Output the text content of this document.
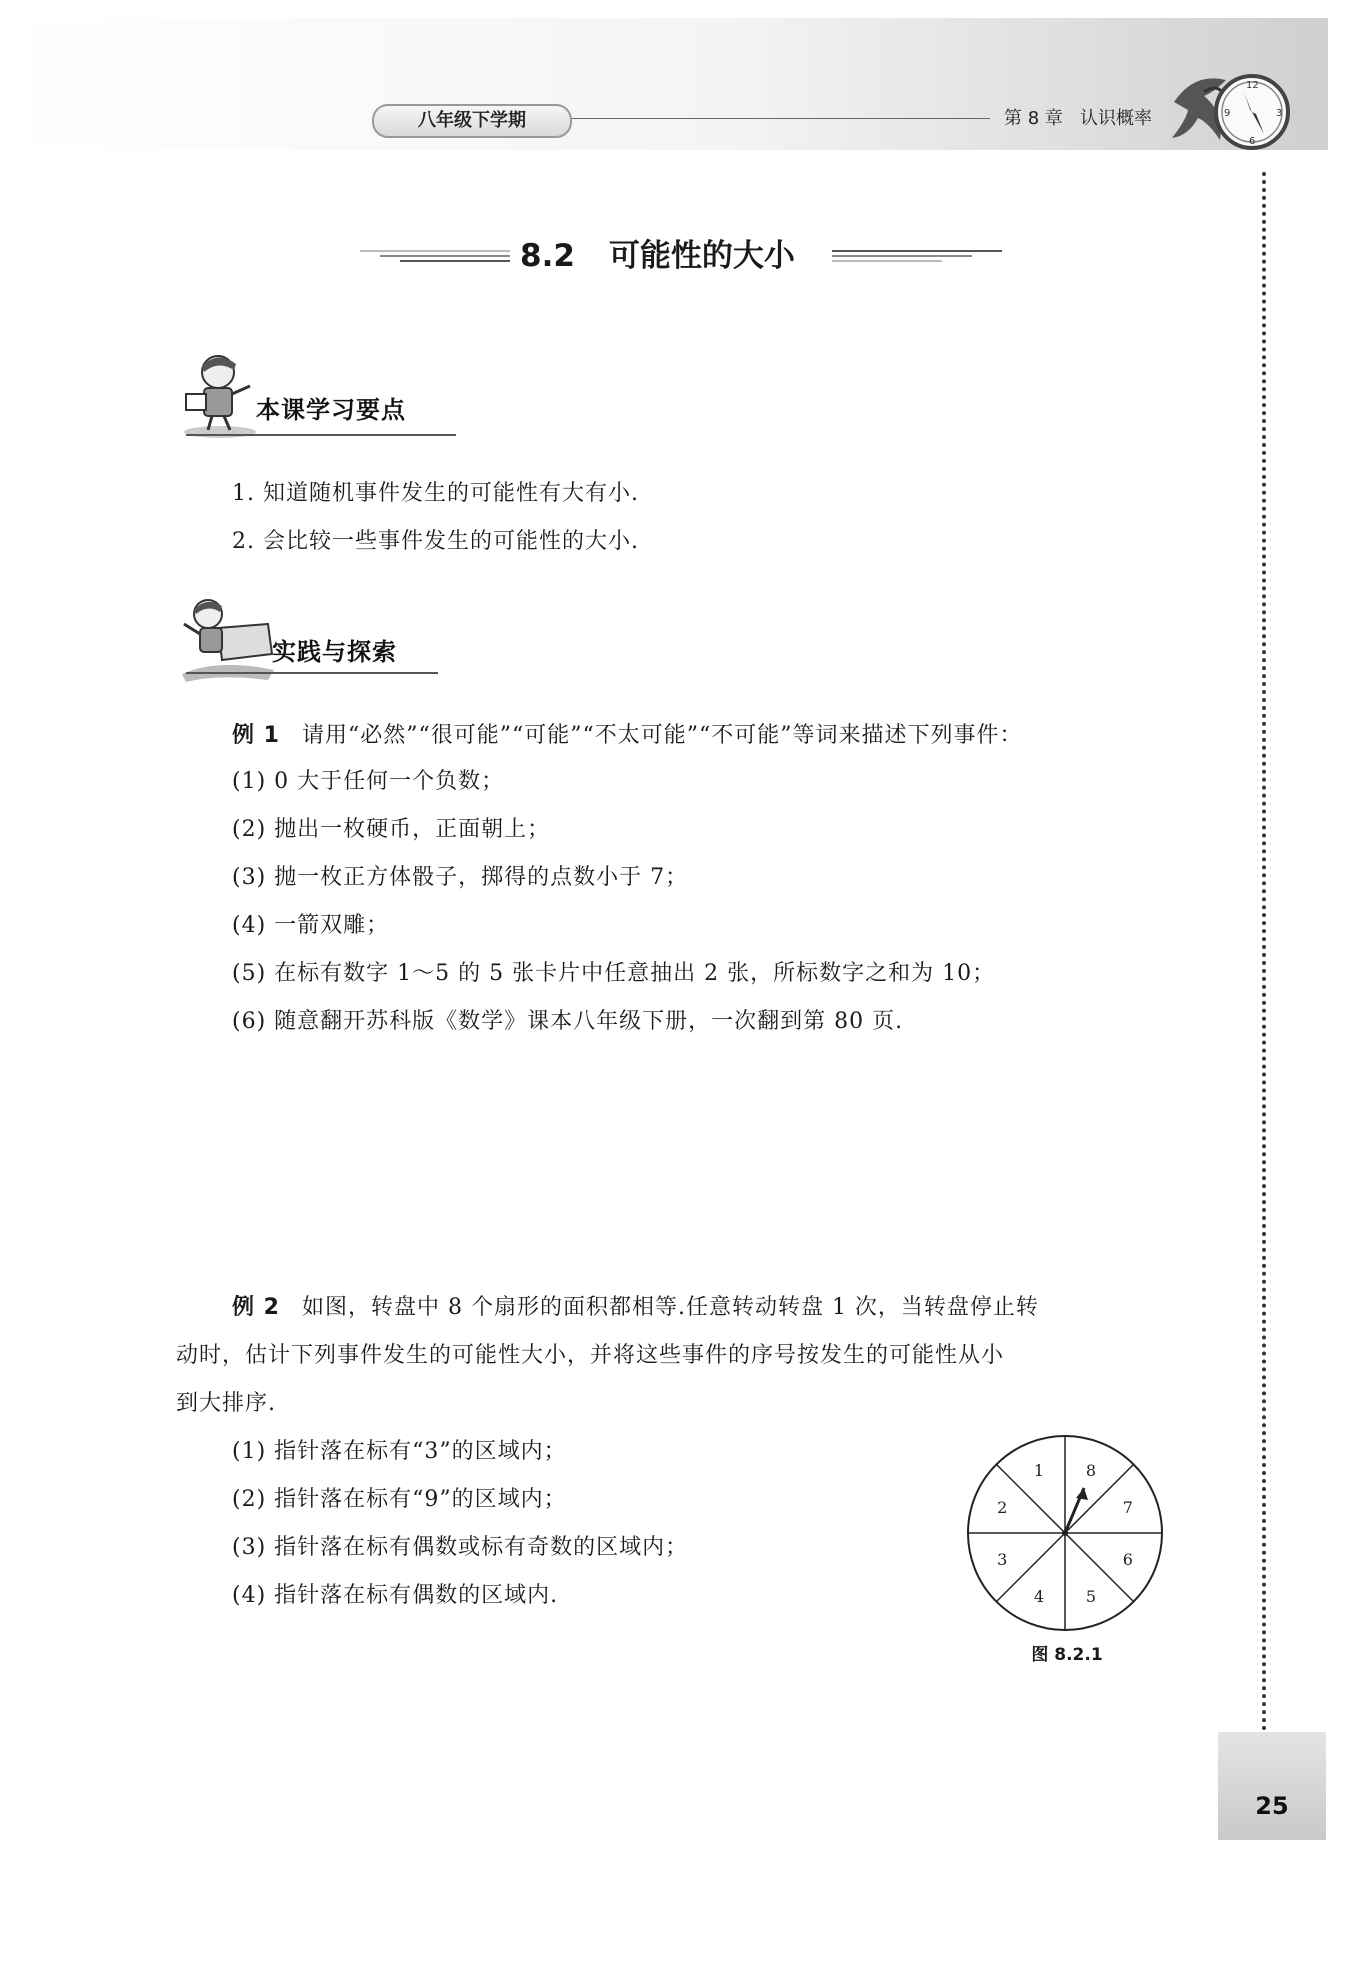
八年级下学期	第 8 章 认识概率
12
3
6
9
8.2 可能性的大小
本课学习要点
1. 知道随机事件发生的可能性有大有小.
2. 会比较一些事件发生的可能性的大小.
实践与探索
例 1 请用“必然”“很可能”“可能”“不太可能”“不可能”等词来描述下列事件：
(1) 0 大于任何一个负数；
(2) 抛出一枚硬币，正面朝上；
(3) 抛一枚正方体骰子，掷得的点数小于 7；
(4) 一箭双雕；
(5) 在标有数字 1～5 的 5 张卡片中任意抽出 2 张，所标数字之和为 10；
(6) 随意翻开苏科版《数学》课本八年级下册，一次翻到第 80 页.
例 2 如图，转盘中 8 个扇形的面积都相等.任意转动转盘 1 次，当转盘停止转
动时，估计下列事件发生的可能性大小，并将这些事件的序号按发生的可能性从小
到大排序.
(1) 指针落在标有“3”的区域内；
(2) 指针落在标有“9”的区域内；
(3) 指针落在标有偶数或标有奇数的区域内；
(4) 指针落在标有偶数的区域内.
1	8
7
6
5
4
3
2
图 8.2.1
25
